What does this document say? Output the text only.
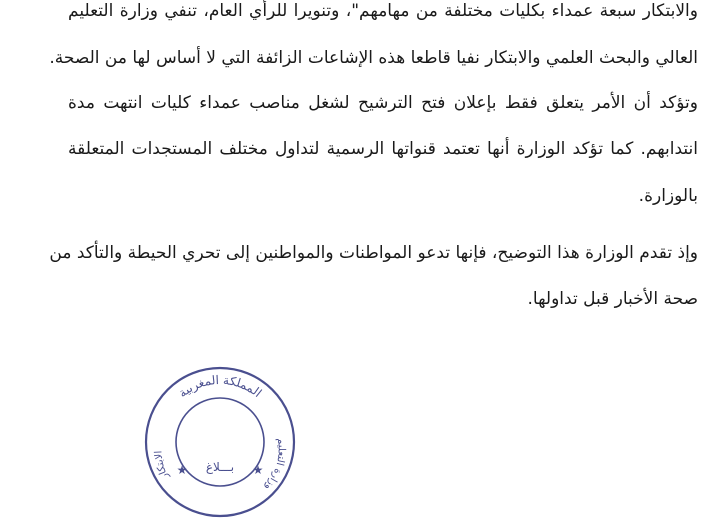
والابتكار سبعة عمداء بكليات مختلفة من مهامهم"، وتنويرا للرأي العام، تنفي وزارة التعليم
العالي والبحث العلمي والابتكار نفيا قاطعا هذه الإشاعات الزائفة التي لا أساس لها من الصحة.
وتؤكد أن الأمر يتعلق فقط بإعلان فتح الترشيح لشغل مناصب عمداء كليات انتهت مدة
انتدابهم. كما تؤكد الوزارة أنها تعتمد قنواتها الرسمية لتداول مختلف المستجدات المتعلقة
بالوزارة.
وإذ تقدم الوزارة هذا التوضيح، فإنها تدعو المواطنات والمواطنين إلى تحري الحيطة والتأكد من
صحة الأخبار قبل تداولها.
المملكة المغربية
الابتكار
وزارة التعليم
بـــلاغ
★	★
